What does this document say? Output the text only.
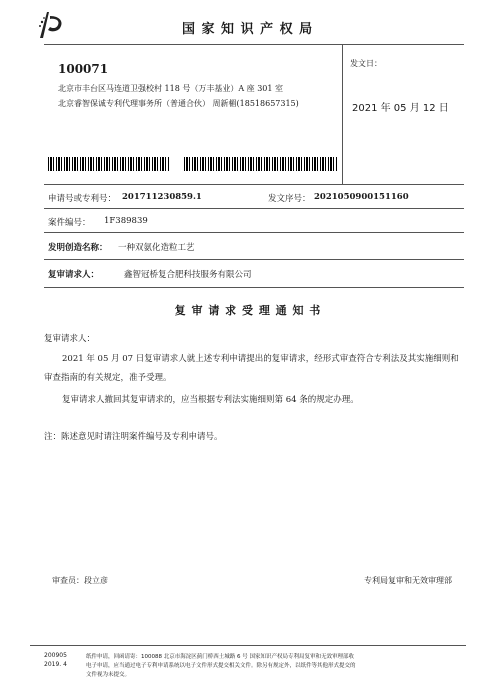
国 家 知 识 产 权 局
100071
北京市丰台区马连道卫强校村 118 号（万丰基业）A 座 301 室
北京睿智保诚专利代理事务所（普通合伙） 周新楣(18518657315)
发文日：
2021 年 05 月 12 日
申请号或专利号： 201711230859.1	发文序号： 2021050900151160
案件编号： 1F389839
发明创造名称： 一种双氨化造粒工艺
复审请求人：	鑫智冠桥复合肥科技服务有限公司
复 审 请 求 受 理 通 知 书
复审请求人：
2021 年 05 月 07 日复审请求人就上述专利申请提出的复审请求，经形式审查符合专利法及其实施细则和
审查指南的有关规定，准予受理。
复审请求人撤回其复审请求的，应当根据专利法实施细则第 64 条的规定办理。
注：陈述意见时请注明案件编号及专利申请号。
审查员：段立彦	专利局复审和无效审理部
200905
2019. 4
纸件申请，回函请寄：100088 北京市海淀区蓟门桥西土城路 6 号 国家知识产权局专利局复审和无效审理部收
电子申请，应当通过电子专利申请系统以电子文件形式提交相关文件。除另有规定外，以纸件等其他形式提交的
文件视为未提交。
